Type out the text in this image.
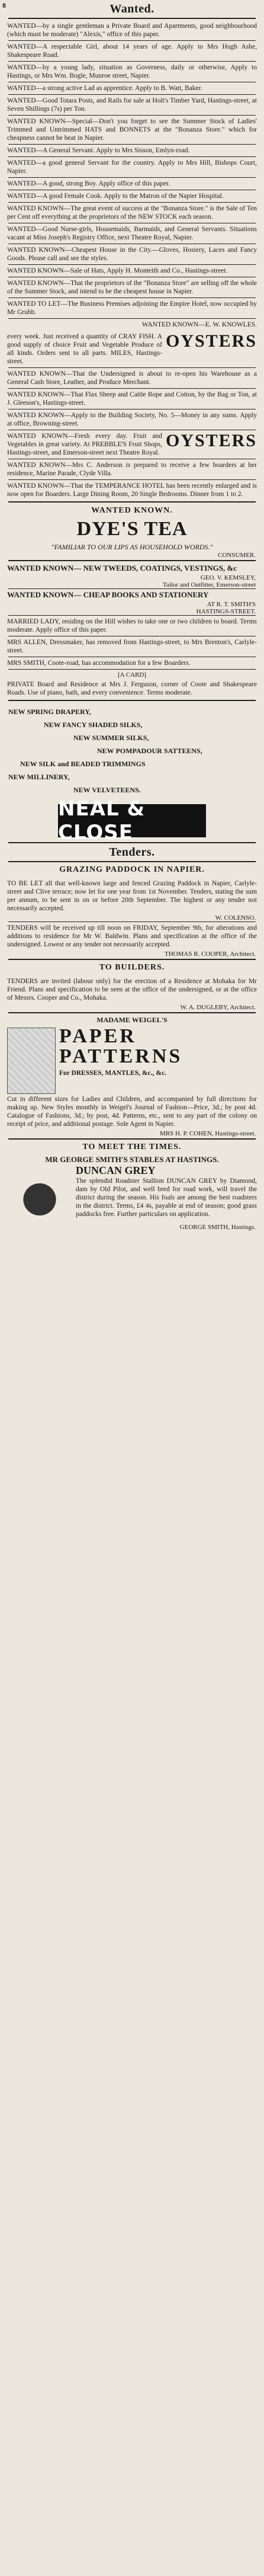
8	Wanted.
WANTED—by a single gentleman a Private Board and Apartments, good neighbourhood (which must be moderate) "Alexis," office of this paper.
WANTED—A respectable Girl, about 14 years of age. Apply to Mrs Hugh Ashe, Shakespeare Road.
WANTED—by a young lady, situation as Governess, daily or otherwise, Apply to Hastings, or Mrs Wm. Bogle, Munroe street, Napier.
WANTED—a strong active Lad as apprentice. Apply to B. Watt, Baker.
WANTED—Good Totara Posts, and Rails for sale at Holt's Timber Yard, Hastings-street, at Seven Shillings (7s) per Ton.
WANTED KNOWN—Special—Don't you forget to see the Summer Stock of Ladies' Trimmed and Untrimmed HATS and BONNETS at the "Bonanza Store." which for cheapness cannot be beat in Napier.
WANTED—A General Servant. Apply to Mrs Sisson, Emlyn-road.
WANTED—a good general Servant for the country. Apply to Mrs Hill, Bishops Court, Napier.
WANTED—A good, strong Boy. Apply office of this paper.
WANTED—A good Female Cook. Apply to the Matron of the Napier Hospital.
WANTED KNOWN—The great event of success at the "Bonanza Store." is the Sale of Ten per Cent off everything at the proprietors of the NEW STOCK each season.
WANTED—Good Nurse-girls, Housemaids, Barmaids, and General Servants. Situations vacant at Miss Joseph's Registry Office, next Theatre Royal, Napier.
WANTED KNOWN—Cheapest House in the City.—Gloves, Hosiery, Laces and Fancy Goods. Please call and see the styles.
WANTED KNOWN—Sale of Hats, Apply H. Monteith and Co., Hastings-street.
WANTED KNOWN—That the proprietors of the "Bonanza Store" are selling off the whole of the Summer Stock, and intend to be the cheapest house in Napier.
WANTED TO LET—The Business Premises adjoining the Empire Hotel, now occupied by Mr Grubb.
WANTED KNOWN—E. W. KNOWLES.
OYSTERS
every week. Just received a quantity of CRAY FISH. A good supply of choice Fruit and Vegetable Produce of all kinds. Orders sent to all parts. MILES, Hastings-street.
WANTED KNOWN—That the Undersigned is about to re-open his Warehouse as a General Cash Store, Leather, and Produce Merchant.
WANTED KNOWN—That Flax Sheep and Cattle Rope and Cotton, by the Bag or Ton, at J. Gleeson's, Hastings-street.
WANTED KNOWN—Apply to the Building Society, No. 5—Money in any sums. Apply at office, Browning-street.
OYSTERS
WANTED KNOWN—Fresh every day. Fruit and Vegetables in great variety. At PREBBLE'S Fruit Shops, Hastings-street, and Emerson-street next Theatre Royal.
WANTED KNOWN—Mrs C. Anderson is prepared to receive a few boarders at her residence, Marine Parade, Clyde Villa.
WANTED KNOWN—That the TEMPERANCE HOTEL has been recently enlarged and is now open for Boarders. Large Dining Room, 20 Single Bedrooms. Dinner from 1 to 2.
WANTED KNOWN.
DYE'S TEA
"FAMILIAR TO OUR LIPS AS HOUSEHOLD WORDS."
CONSUMER.
WANTED KNOWN— NEW TWEEDS, COATINGS, VESTINGS, &c
GEO. V. KEMSLEY,
Tailor and Outfitter, Emerson-street
WANTED KNOWN— CHEAP BOOKS AND STATIONERY
AT R. T. SMITH'S
HASTINGS-STREET.
MARRIED LADY, residing on the Hill wishes to take one or two children to board. Terms moderate. Apply office of this paper.
MRS ALLEN, Dressmaker, has removed from Hastings-street, to Mrs Brenton's, Carlyle-street.
MRS SMITH, Coote-road, has accommodation for a few Boarders.
[A CARD]
PRIVATE Board and Residence at Mrs J. Ferguson, corner of Coote and Shakespeare Roads. Use of piano, bath, and every convenience. Terms moderate.
NEW SPRING DRAPERY,
NEW FANCY SHADED SILKS,
NEW SUMMER SILKS,
NEW POMPADOUR SATTEENS,
NEW SILK and BEADED TRIMMINGS
NEW MILLINERY,
NEW VELVETEENS.
NEAL & CLOSE
Tenders.
GRAZING PADDOCK IN NAPIER.
TO BE LET all that well-known large and fenced Grazing Paddock in Napier, Carlyle-street and Clive terrace; now let for one year from 1st November. Tenders, stating the sum per annum, to be sent in on or before 20th September. The highest or any tender not necessarily accepted.
W. COLENSO.
TENDERS will be received up till noon on FRIDAY, September 9th, for alterations and additions to residence for Mr W. Baldwin. Plans and specification at the office of the undersigned. Lowest or any tender not necessarily accepted.
THOMAS R. COOPER, Architect.
TO BUILDERS.
TENDERS are invited (labour only) for the erection of a Residence at Mohaka for Mr Friend. Plans and specification to be seen at the office of the undersigned, or at the office of Messrs. Cooper and Co., Mohaka.
W. A. DUGLEBY, Architect.
MADAME WEIGEL'S
PAPER
PATTERNS
For DRESSES, MANTLES, &c., &c.
Cut in different sizes for Ladies and Children, and accompanied by full directions for making up. New Styles monthly in Weigel's Journal of Fashion—Price, 3d.; by post 4d. Catalogue of Fashions, 3d.; by post, 4d. Patterns, etc., sent to any part of the colony on receipt of price, and additional postage. Sole Agent in Napier.
MRS H. P. COHEN, Hastings-street.
TO MEET THE TIMES.
MR GEORGE SMITH'S STABLES AT HASTINGS.
DUNCAN GREY
The splendid Roadster Stallion DUNCAN GREY by Diamond, dam by Old Pilot, and well bred for road work, will travel the district during the season. His foals are among the best roadsters in the district. Terms, £4 4s, payable at end of season; good grass paddocks free. Further particulars on application.
GEORGE SMITH, Hastings.
